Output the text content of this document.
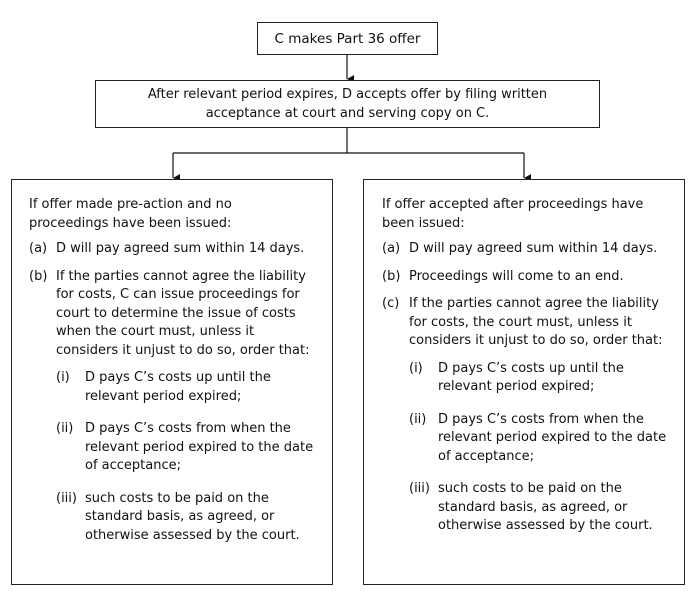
C makes Part 36 offer
After relevant period expires, D accepts offer by filing written acceptance at court and serving copy on C.
If offer made pre-action and no proceedings have been issued:
(a) D will pay agreed sum within 14 days.
(b) If the parties cannot agree the liability for costs, C can issue proceedings for court to determine the issue of costs when the court must, unless it considers it unjust to do so, order that:
(i)	D pays C’s costs up until the relevant period expired;
(ii) D pays C’s costs from when the relevant period expired to the date of acceptance;
(iii) such costs to be paid on the standard basis, as agreed, or otherwise assessed by the court.
If offer accepted after proceedings have been issued:
(a) D will pay agreed sum within 14 days.
(b) Proceedings will come to an end.
(c) If the parties cannot agree the liability for costs, the court must, unless it considers it unjust to do so, order that:
(i)	D pays C’s costs up until the relevant period expired;
(ii) D pays C’s costs from when the relevant period expired to the date of acceptance;
(iii) such costs to be paid on the standard basis, as agreed, or otherwise assessed by the court.
